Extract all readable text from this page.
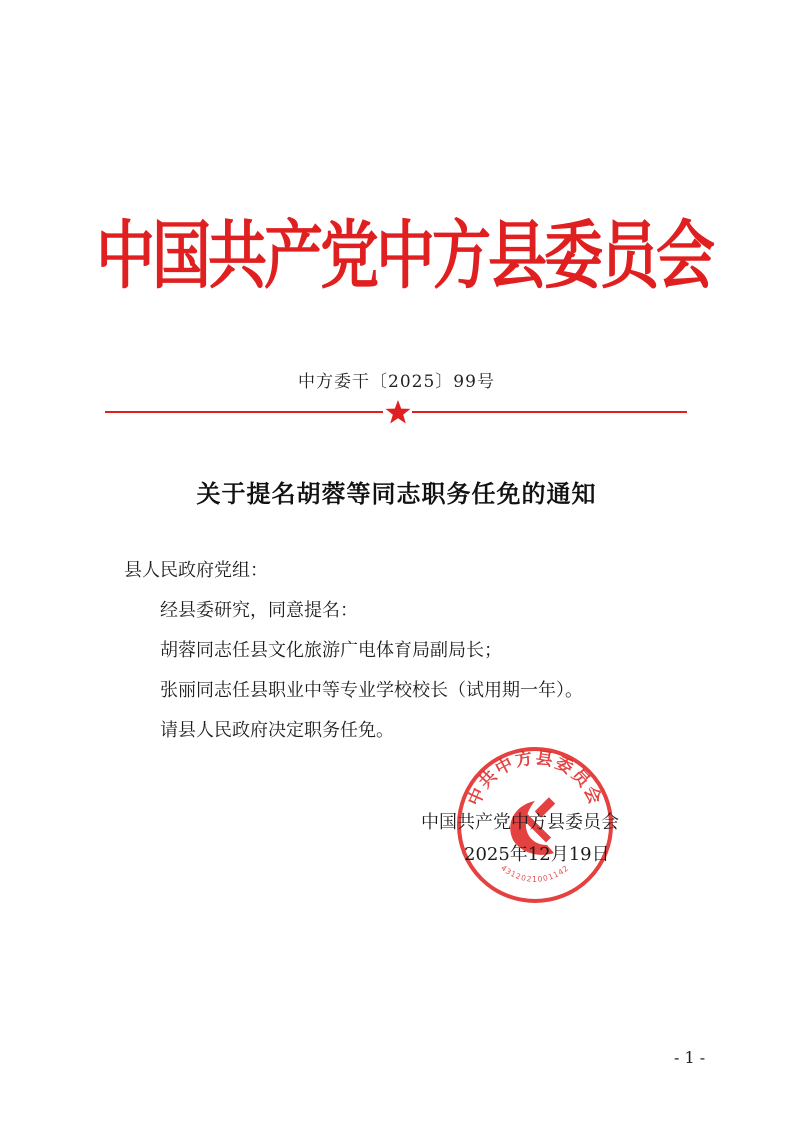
中国共产党中方县委员会
中方委干〔2025〕99号
关于提名胡蓉等同志职务任免的通知
县人民政府党组：
经县委研究，同意提名：
胡蓉同志任县文化旅游广电体育局副局长；
张丽同志任县职业中等专业学校校长（试用期一年）。
请县人民政府决定职务任免。
中共中方县委员会
4312021001142
中国共产党中方县委员会
2025年12月19日
- 1 -
